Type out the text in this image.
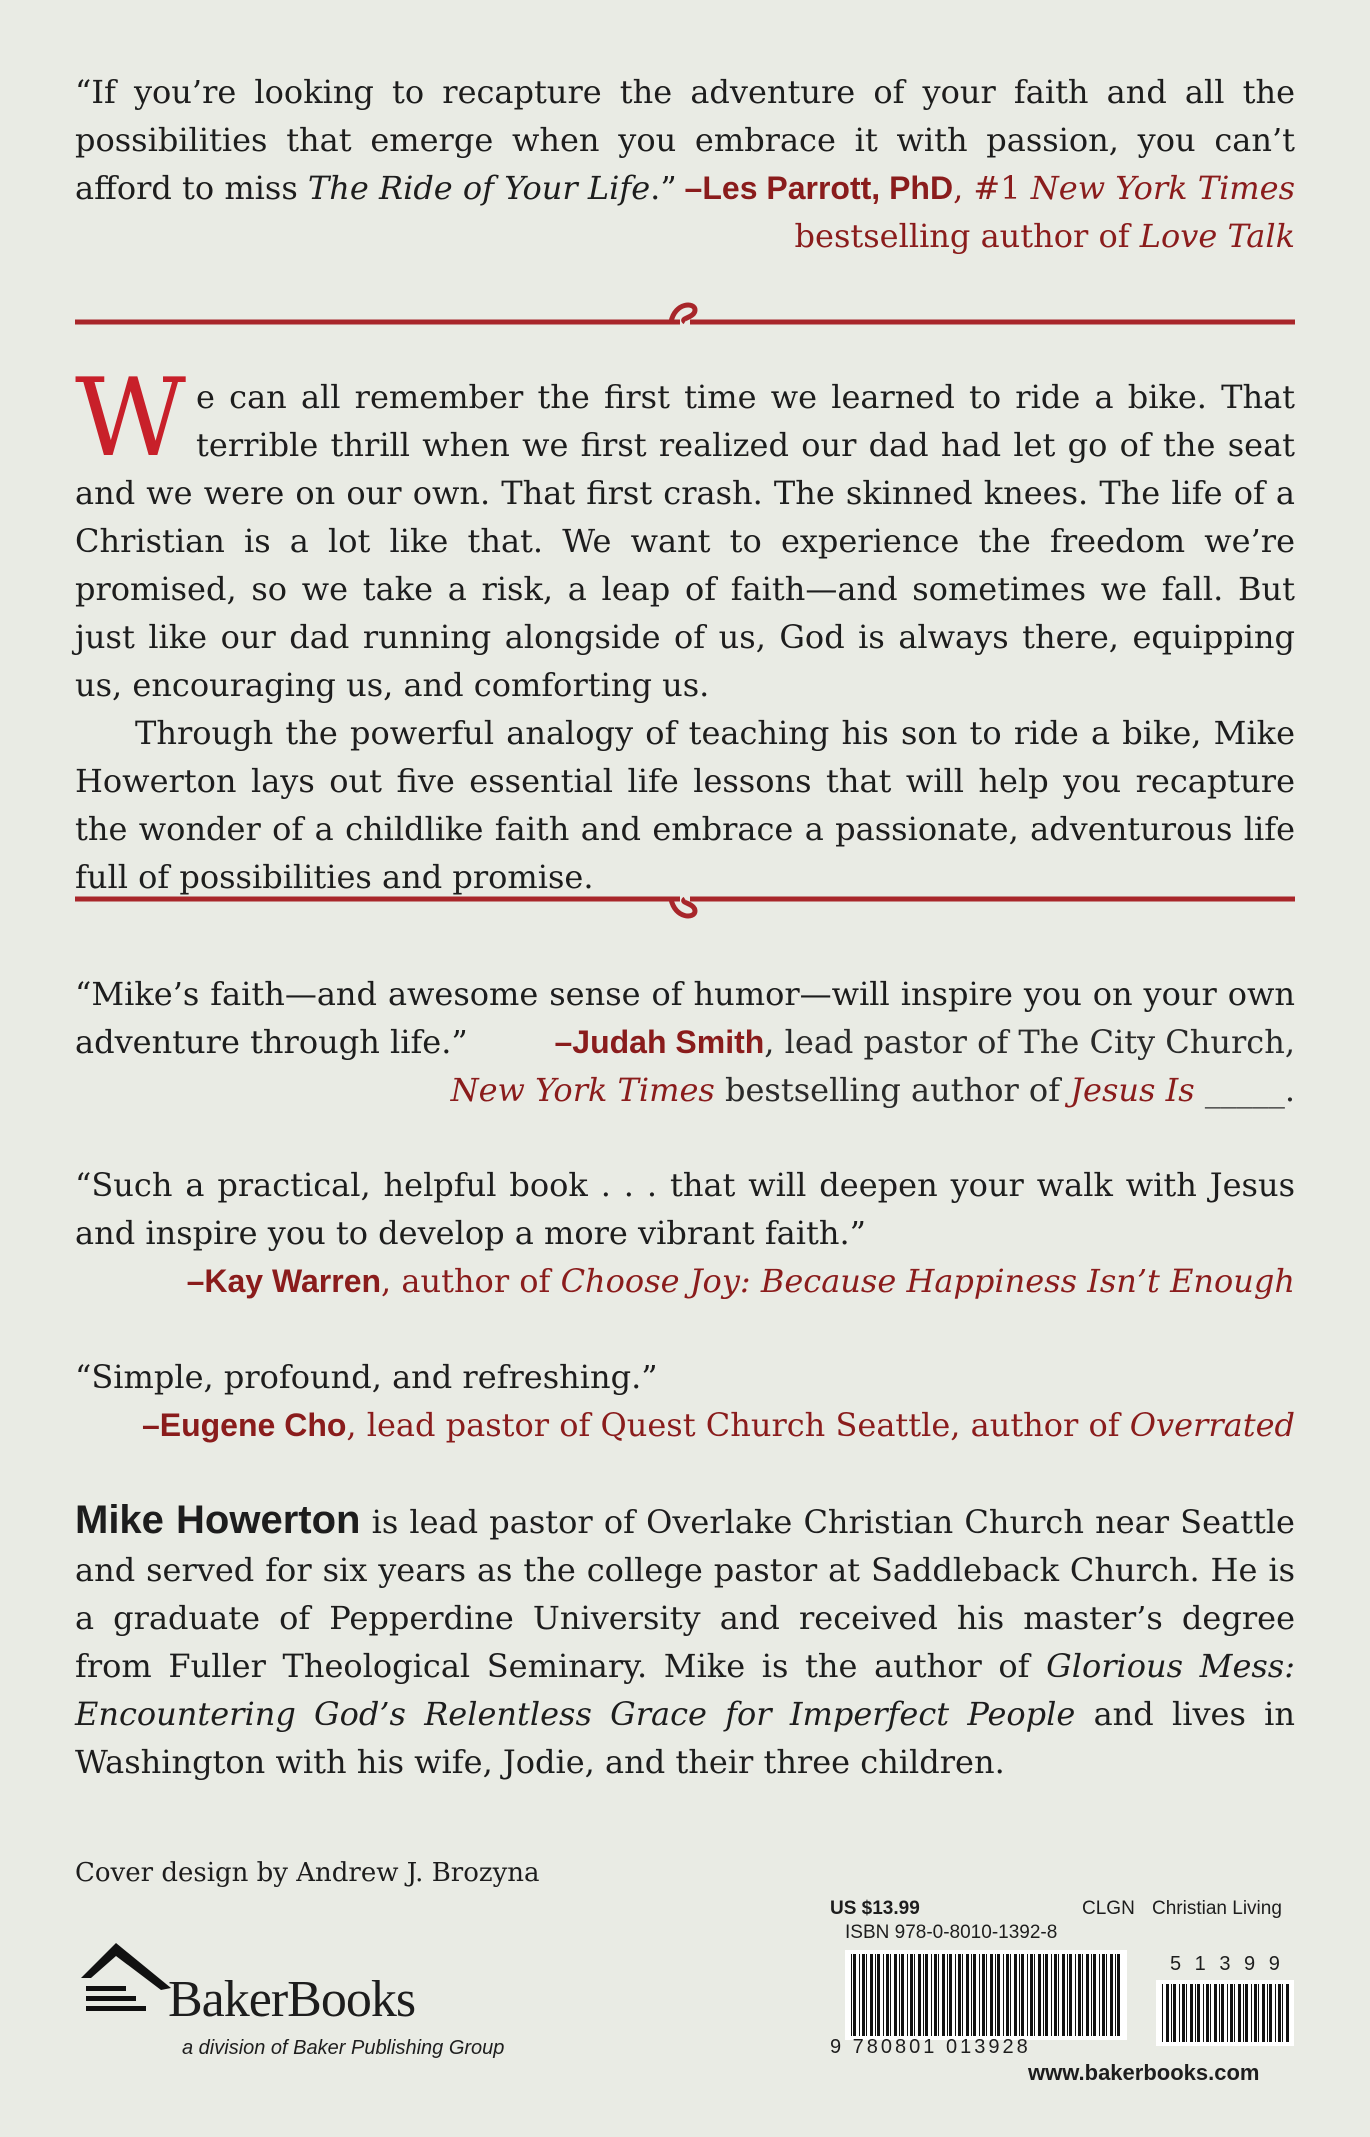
“If you’re looking to recapture the adventure of your faith and all the possibilities that emerge when you embrace it with passion, you can’t afford to miss The Ride of Your Life.” –Les Parrott, PhD, #1 New York Times

bestselling author of Love Talk

We can all remember the first time we learned to ride a bike. That terrible thrill when we first realized our dad had let go of the seat and we were on our own. That first crash. The skinned knees. The life of a Christian is a lot like that. We want to experience the freedom we’re promised, so we take a risk, a leap of faith—and sometimes we fall. But just like our dad running alongside of us, God is always there, equipping us, encouraging us, and comforting us.

Through the powerful analogy of teaching his son to ride a bike, Mike Howerton lays out five essential life lessons that will help you recapture the wonder of a childlike faith and embrace a passionate, adventurous life full of possibilities and promise.

“Mike’s faith—and awesome sense of humor—will inspire you on your own adventure through life.”	–Judah Smith, lead pastor of The City Church,

New York Times bestselling author of Jesus Is _____.

“Such a practical, helpful book . . . that will deepen your walk with Jesus and inspire you to develop a more vibrant faith.”

–Kay Warren, author of Choose Joy: Because Happiness Isn’t Enough

“Simple, profound, and refreshing.”

–Eugene Cho, lead pastor of Quest Church Seattle, author of Overrated

Mike Howerton is lead pastor of Overlake Christian Church near Seattle and served for six years as the college pastor at Saddleback Church. He is a graduate of Pepperdine University and received his master’s degree from Fuller Theological Seminary. Mike is the author of Glorious Mess: Encountering God’s Relentless Grace for Imperfect People and lives in Washington with his wife, Jodie, and their three children.

Cover design by Andrew J. Brozyna
BakerBooks
a division of Baker Publishing Group
US $13.99	CLGN Christian Living
ISBN 978-0-8010-1392-8
9 780801 013928
5 1 3 9 9
www.bakerbooks.com
